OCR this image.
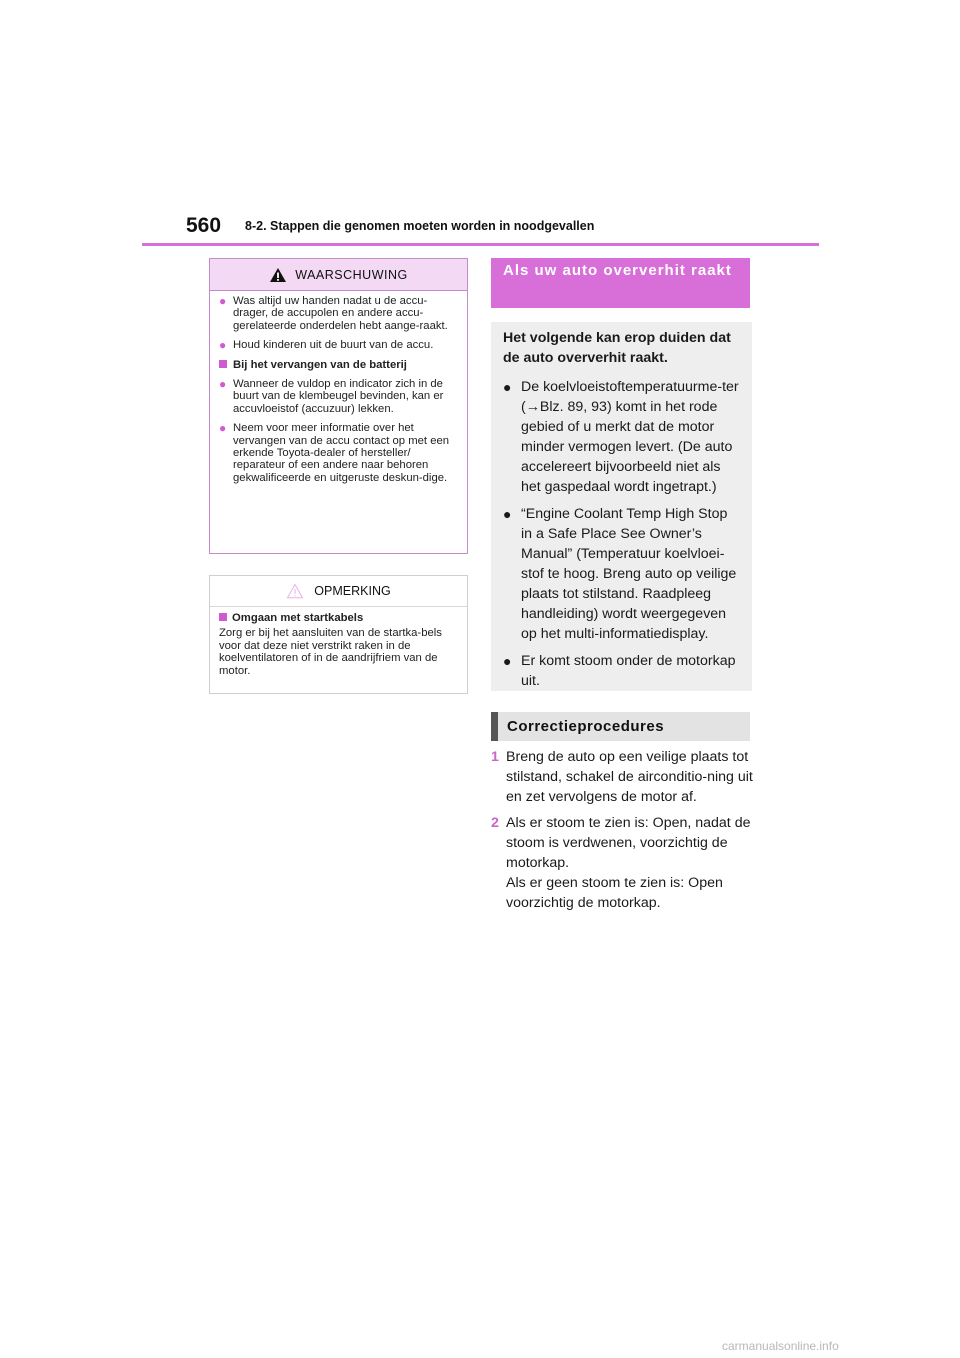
560 8-2. Stappen die genomen moeten worden in noodgevallen
WAARSCHUWING
● Was altijd uw handen nadat u de accu-drager, de accupolen en andere accu-gerelateerde onderdelen hebt aange-raakt.
● Houd kinderen uit de buurt van de accu.
Bij het vervangen van de batterij
● Wanneer de vuldop en indicator zich in de buurt van de klembeugel bevinden, kan er accuvloeistof (accuzuur) lekken.
● Neem voor meer informatie over het vervangen van de accu contact op met een erkende Toyota-dealer of hersteller/ reparateur of een andere naar behoren gekwalificeerde en uitgeruste deskun-dige.
OPMERKING
Omgaan met startkabels
Zorg er bij het aansluiten van de startka-bels voor dat deze niet verstrikt raken in de koelventilatoren of in de aandrijfriem van de motor.
Als uw auto oververhit raakt
Het volgende kan erop duiden dat de auto oververhit raakt.
● De koelvloeistoftemperatuurme-ter (→Blz. 89, 93) komt in het rode gebied of u merkt dat de motor minder vermogen levert. (De auto accelereert bijvoorbeeld niet als het gaspedaal wordt ingetrapt.)
● “Engine Coolant Temp High Stop in a Safe Place See Owner’s Manual” (Temperatuur koelvloei-stof te hoog. Breng auto op veilige plaats tot stilstand. Raadpleeg handleiding) wordt weergegeven op het multi-informatiedisplay.
● Er komt stoom onder de motorkap uit.
Correctieprocedures
1 Breng de auto op een veilige plaats tot stilstand, schakel de airconditio-ning uit en zet vervolgens de motor af.
2 Als er stoom te zien is: Open, nadat de stoom is verdwenen, voorzichtig de motorkap.
Als er geen stoom te zien is: Open voorzichtig de motorkap.
carmanualsonline.info
